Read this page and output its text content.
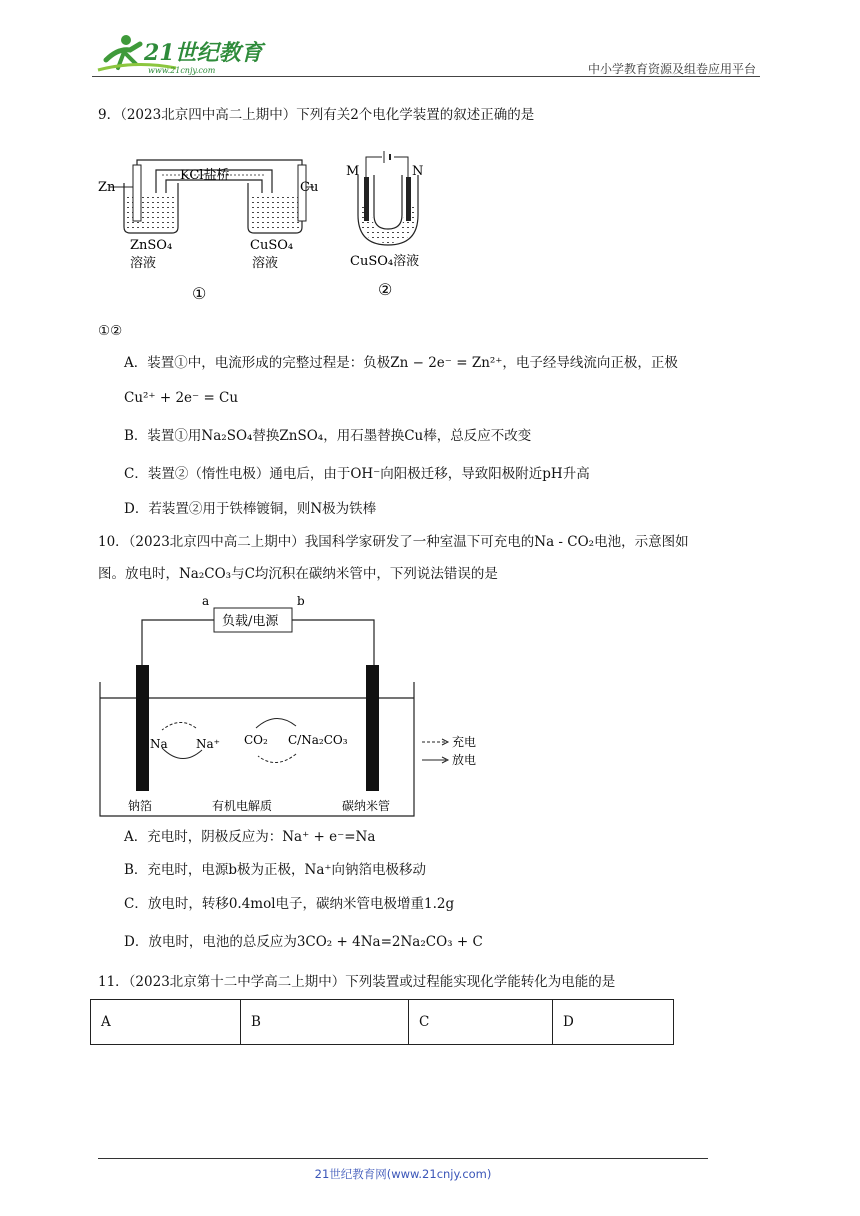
21世纪教育
www.21cnjy.com	中小学教育资源及组卷应用平台
9．（2023北京四中高二上期中）下列有关2个电化学装置的叙述正确的是
Zn	Cu
KCl盐桥
ZnSO₄
溶液
CuSO₄
溶液
①
M	N
CuSO₄溶液
②
①②
A．装置①中，电流形成的完整过程是：负极Zn − 2e⁻ = Zn²⁺，电子经导线流向正极，正极
Cu²⁺ + 2e⁻ = Cu
B．装置①用Na₂SO₄替换ZnSO₄，用石墨替换Cu棒，总反应不改变
C．装置②（惰性电极）通电后，由于OH⁻向阳极迁移，导致阳极附近pH升高
D．若装置②用于铁棒镀铜，则N极为铁棒
10．（2023北京四中高二上期中）我国科学家研发了一种室温下可充电的Na - CO₂电池，示意图如
图。放电时，Na₂CO₃与C均沉积在碳纳米管中，下列说法错误的是
负载/电源
a	b
Na Na⁺ CO₂ C/Na₂CO₃	充电
放电
钠箔	有机电解质	碳纳米管
A．充电时，阴极反应为：Na⁺ + e⁻=Na
B．充电时，电源b极为正极，Na⁺向钠箔电极移动
C．放电时，转移0.4mol电子，碳纳米管电极增重1.2g
D．放电时，电池的总反应为3CO₂ + 4Na=2Na₂CO₃ + C
11．（2023北京第十二中学高二上期中）下列装置或过程能实现化学能转化为电能的是
A	B	C	D
21世纪教育网(www.21cnjy.com)
